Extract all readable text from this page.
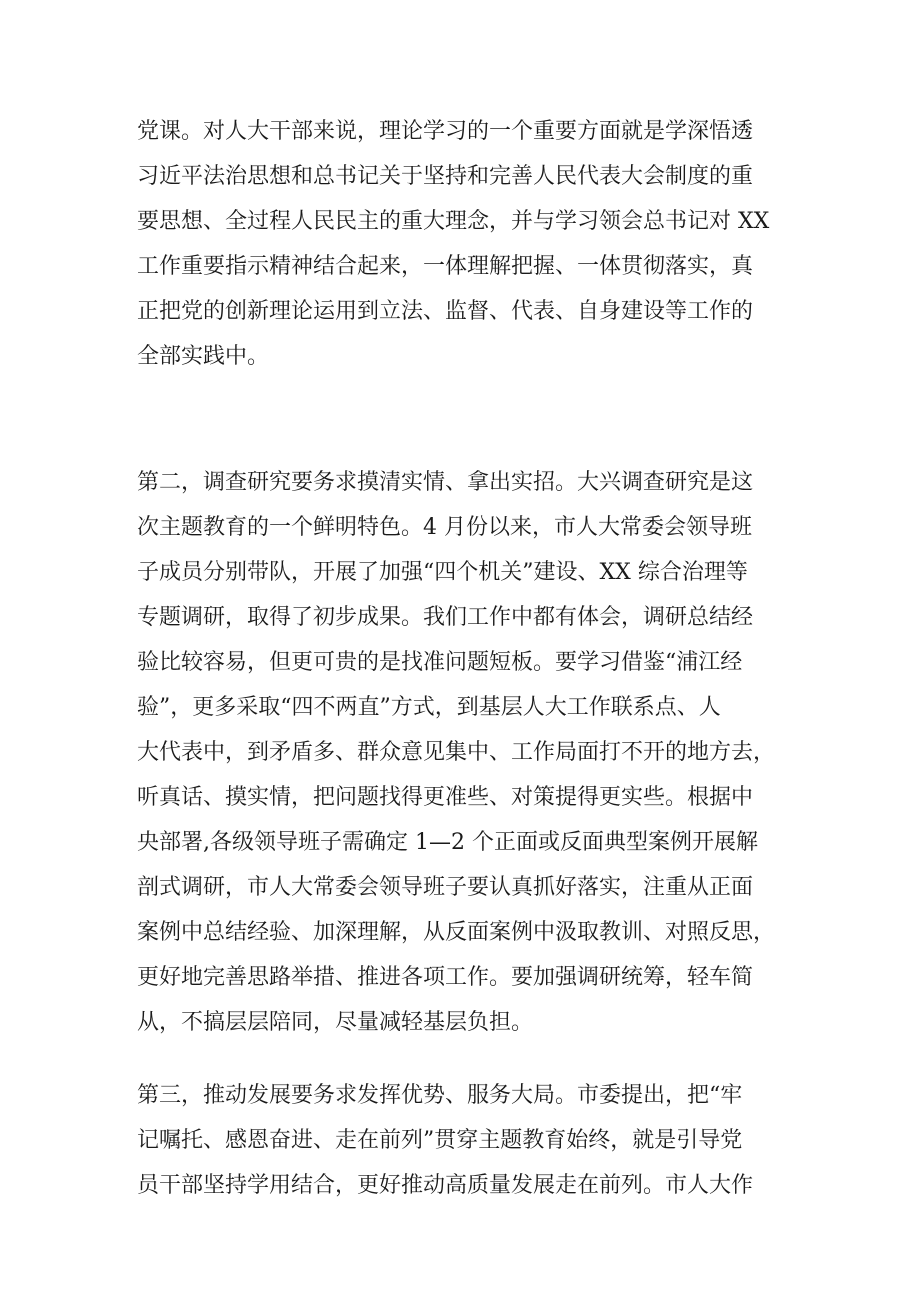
党课。对人大干部来说，理论学习的一个重要方面就是学深悟透
习近平法治思想和总书记关于坚持和完善人民代表大会制度的重
要思想、全过程人民民主的重大理念，并与学习领会总书记对 XX
工作重要指示精神结合起来，一体理解把握、一体贯彻落实，真
正把党的创新理论运用到立法、监督、代表、自身建设等工作的
全部实践中。
第二，调查研究要务求摸清实情、拿出实招。大兴调查研究是这
次主题教育的一个鲜明特色。4 月份以来，市人大常委会领导班
子成员分别带队，开展了加强“四个机关”建设、XX 综合治理等
专题调研，取得了初步成果。我们工作中都有体会，调研总结经
验比较容易，但更可贵的是找准问题短板。要学习借鉴“浦江经
验”，更多采取“四不两直”方式，到基层人大工作联系点、人
大代表中，到矛盾多、群众意见集中、工作局面打不开的地方去，
听真话、摸实情，把问题找得更准些、对策提得更实些。根据中
央部署,各级领导班子需确定 1—2 个正面或反面典型案例开展解
剖式调研，市人大常委会领导班子要认真抓好落实，注重从正面
案例中总结经验、加深理解，从反面案例中汲取教训、对照反思，
更好地完善思路举措、推进各项工作。要加强调研统筹，轻车简
从，不搞层层陪同，尽量减轻基层负担。
第三，推动发展要务求发挥优势、服务大局。市委提出，把“牢
记嘱托、感恩奋进、走在前列”贯穿主题教育始终，就是引导党
员干部坚持学用结合，更好推动高质量发展走在前列。市人大作
